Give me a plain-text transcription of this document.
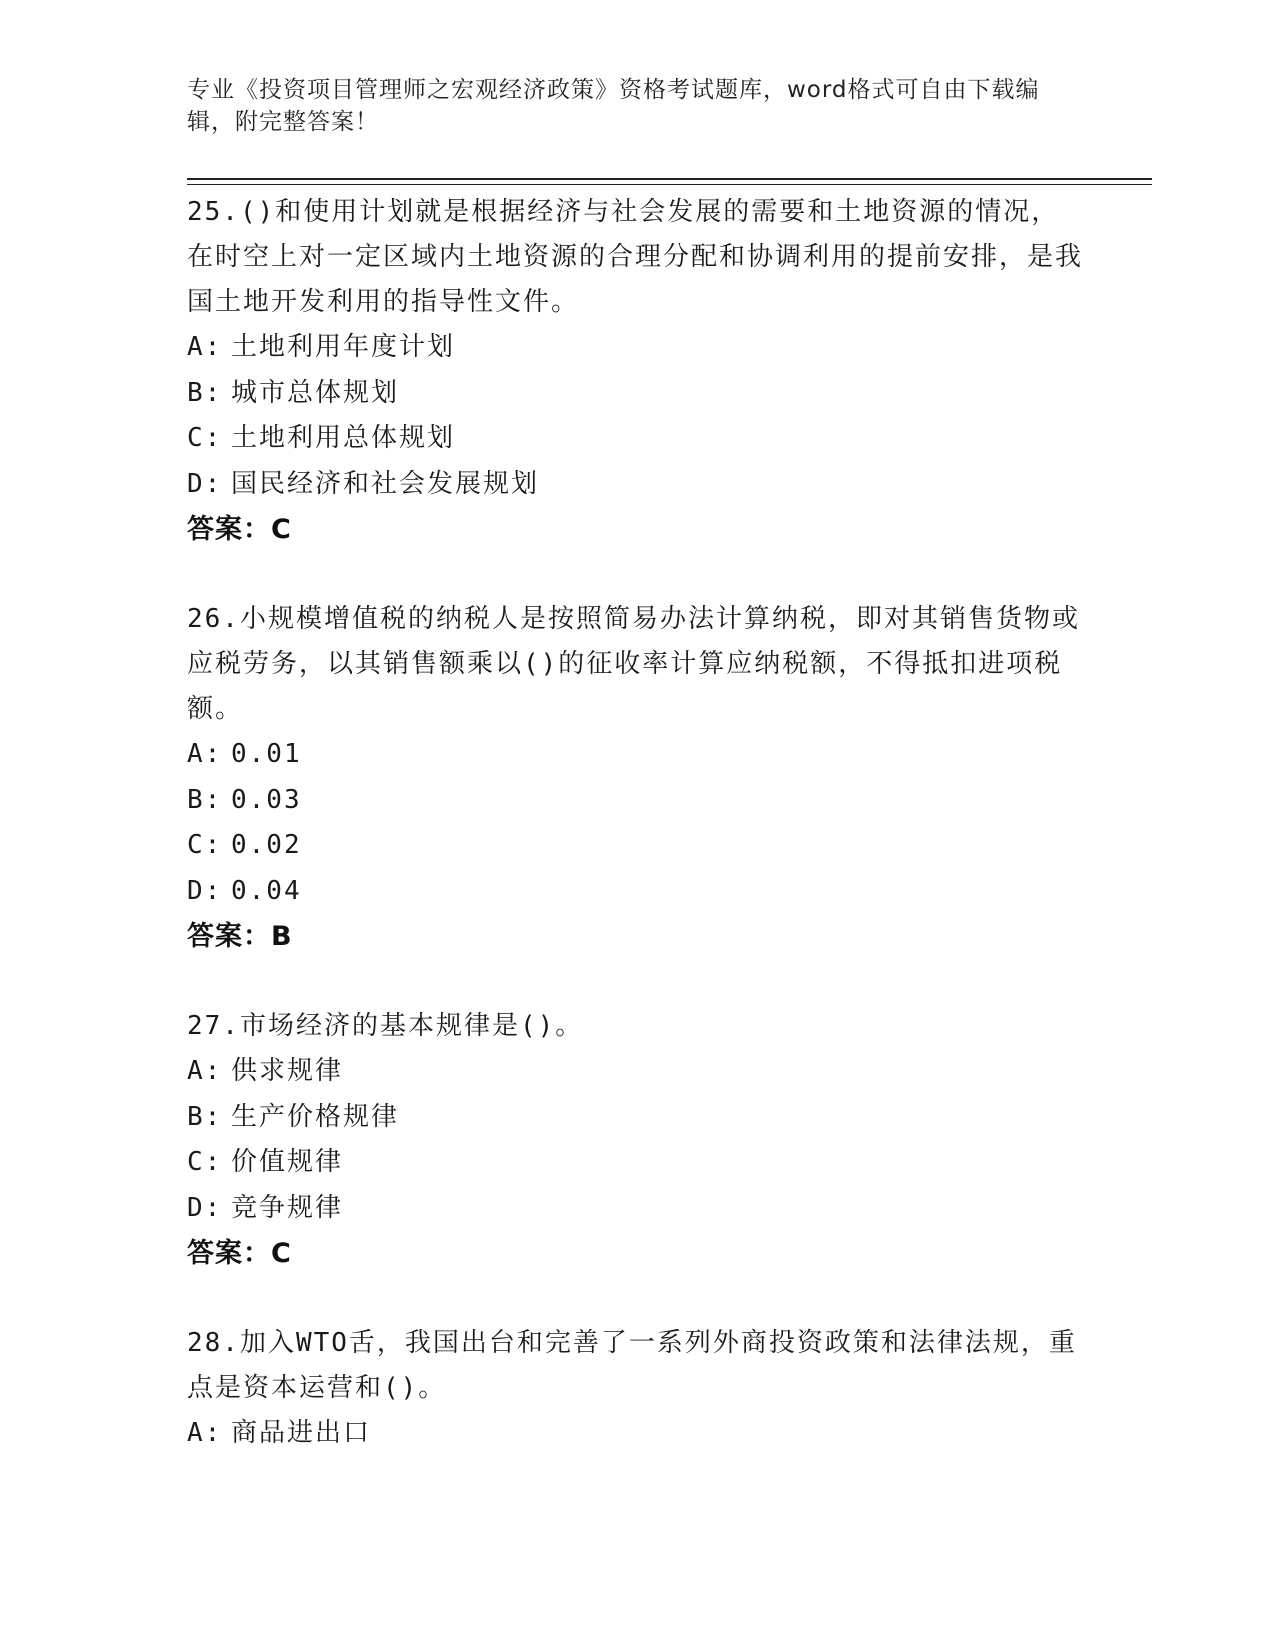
专业《投资项目管理师之宏观经济政策》资格考试题库，word格式可自由下载编辑，附完整答案！
25.()和使用计划就是根据经济与社会发展的需要和土地资源的情况，在时空上对一定区域内土地资源的合理分配和协调利用的提前安排，是我国土地开发利用的指导性文件。
A: 土地利用年度计划
B: 城市总体规划
C: 土地利用总体规划
D: 国民经济和社会发展规划
答案：C
26.小规模增值税的纳税人是按照简易办法计算纳税，即对其销售货物或应税劳务，以其销售额乘以()的征收率计算应纳税额，不得抵扣进项税额。
A: 0.01
B: 0.03
C: 0.02
D: 0.04
答案：B
27.市场经济的基本规律是()。
A: 供求规律
B: 生产价格规律
C: 价值规律
D: 竞争规律
答案：C
28.加入WTO舌，我国出台和完善了一系列外商投资政策和法律法规，重点是资本运营和()。
A: 商品进出口
